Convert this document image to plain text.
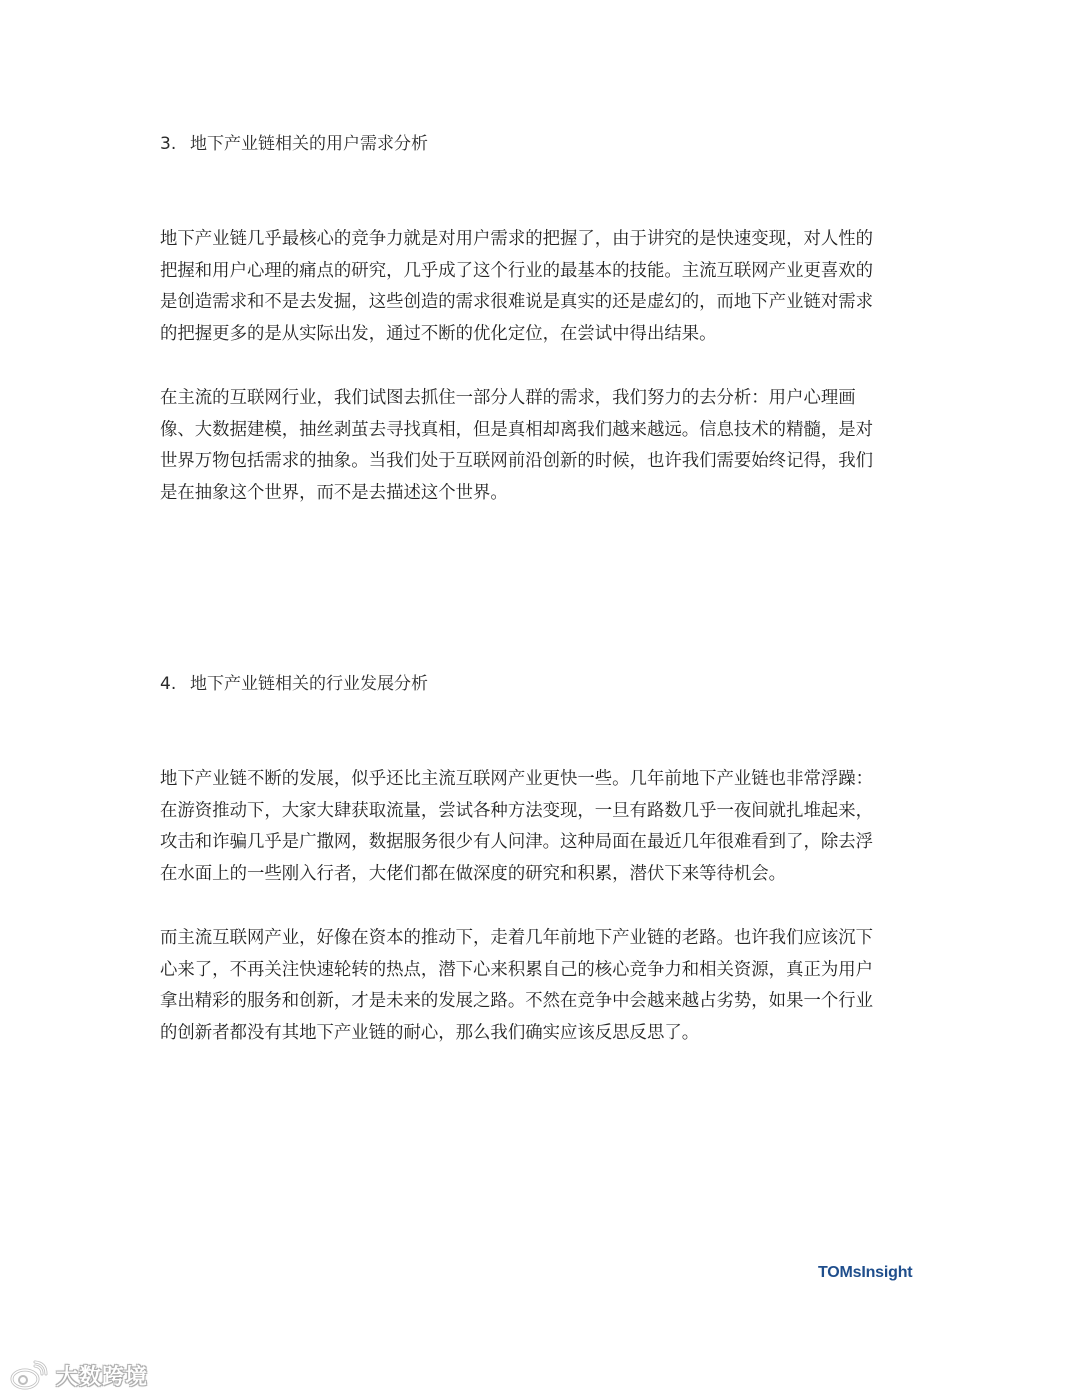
3. 地下产业链相关的用户需求分析
地下产业链几乎最核心的竞争力就是对用户需求的把握了，由于讲究的是快速变现，对人性的
把握和用户心理的痛点的研究，几乎成了这个行业的最基本的技能。主流互联网产业更喜欢的
是创造需求和不是去发掘，这些创造的需求很难说是真实的还是虚幻的，而地下产业链对需求
的把握更多的是从实际出发，通过不断的优化定位，在尝试中得出结果。
在主流的互联网行业，我们试图去抓住一部分人群的需求，我们努力的去分析：用户心理画
像、大数据建模，抽丝剥茧去寻找真相，但是真相却离我们越来越远。信息技术的精髓，是对
世界万物包括需求的抽象。当我们处于互联网前沿创新的时候，也许我们需要始终记得，我们
是在抽象这个世界，而不是去描述这个世界。
4. 地下产业链相关的行业发展分析
地下产业链不断的发展，似乎还比主流互联网产业更快一些。几年前地下产业链也非常浮躁：
在游资推动下，大家大肆获取流量，尝试各种方法变现，一旦有路数几乎一夜间就扎堆起来，
攻击和诈骗几乎是广撒网，数据服务很少有人问津。这种局面在最近几年很难看到了，除去浮
在水面上的一些刚入行者，大佬们都在做深度的研究和积累，潜伏下来等待机会。
而主流互联网产业，好像在资本的推动下，走着几年前地下产业链的老路。也许我们应该沉下
心来了，不再关注快速轮转的热点，潜下心来积累自己的核心竞争力和相关资源，真正为用户
拿出精彩的服务和创新，才是未来的发展之路。不然在竞争中会越来越占劣势，如果一个行业
的创新者都没有其地下产业链的耐心，那么我们确实应该反思反思了。
TOMsInsight
大数跨境
